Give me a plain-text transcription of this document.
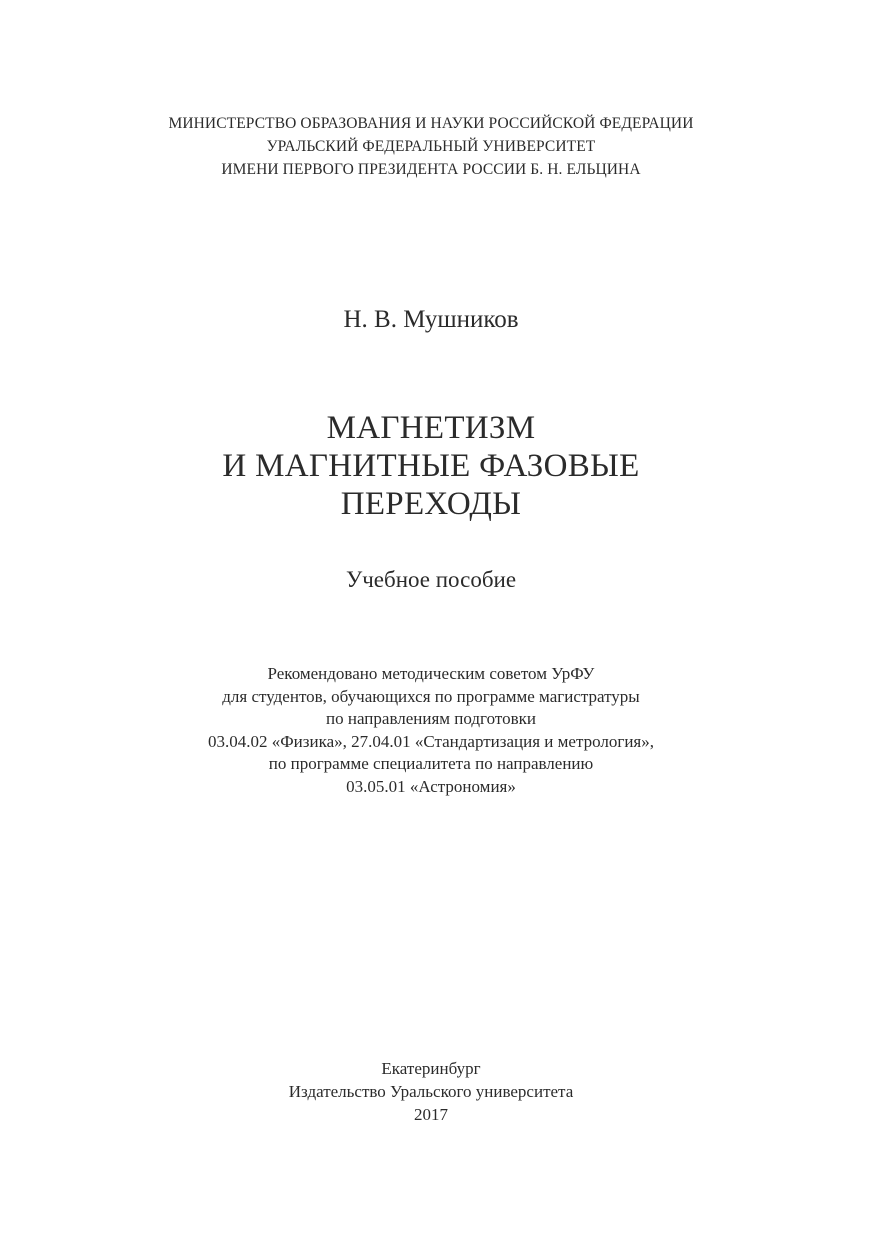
МИНИСТЕРСТВО ОБРАЗОВАНИЯ И НАУКИ РОССИЙСКОЙ ФЕДЕРАЦИИ
УРАЛЬСКИЙ ФЕДЕРАЛЬНЫЙ УНИВЕРСИТЕТ
ИМЕНИ ПЕРВОГО ПРЕЗИДЕНТА РОССИИ Б. Н. ЕЛЬЦИНА
Н. В. Мушников
МАГНЕТИЗМ
И МАГНИТНЫЕ ФАЗОВЫЕ
ПЕРЕХОДЫ
Учебное пособие
Рекомендовано методическим советом УрФУ
для студентов, обучающихся по программе магистратуры
по направлениям подготовки
03.04.02 «Физика», 27.04.01 «Стандартизация и метрология»,
по программе специалитета по направлению
03.05.01 «Астрономия»
Екатеринбург
Издательство Уральского университета
2017
